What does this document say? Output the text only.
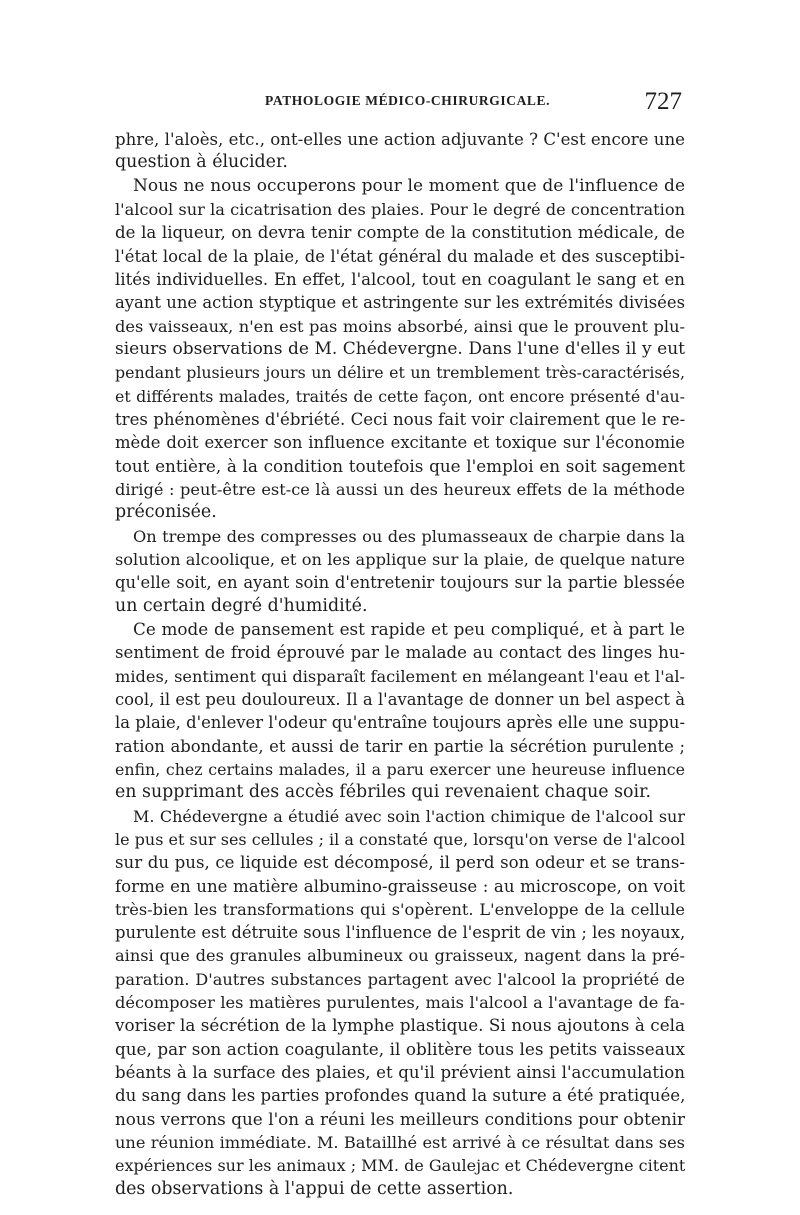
PATHOLOGIE MÉDICO-CHIRURGICALE.	727
phre, l'aloès, etc., ont-elles une action adjuvante ? C'est encore une
question à élucider.
Nous ne nous occuperons pour le moment que de l'influence de
l'alcool sur la cicatrisation des plaies. Pour le degré de concentration
de la liqueur, on devra tenir compte de la constitution médicale, de
l'état local de la plaie, de l'état général du malade et des susceptibi-
lités individuelles. En effet, l'alcool, tout en coagulant le sang et en
ayant une action styptique et astringente sur les extrémités divisées
des vaisseaux, n'en est pas moins absorbé, ainsi que le prouvent plu-
sieurs observations de M. Chédevergne. Dans l'une d'elles il y eut
pendant plusieurs jours un délire et un tremblement très-caractérisés,
et différents malades, traités de cette façon, ont encore présenté d'au-
tres phénomènes d'ébriété. Ceci nous fait voir clairement que le re-
mède doit exercer son influence excitante et toxique sur l'économie
tout entière, à la condition toutefois que l'emploi en soit sagement
dirigé : peut-être est-ce là aussi un des heureux effets de la méthode
préconisée.
On trempe des compresses ou des plumasseaux de charpie dans la
solution alcoolique, et on les applique sur la plaie, de quelque nature
qu'elle soit, en ayant soin d'entretenir toujours sur la partie blessée
un certain degré d'humidité.
Ce mode de pansement est rapide et peu compliqué, et à part le
sentiment de froid éprouvé par le malade au contact des linges hu-
mides, sentiment qui disparaît facilement en mélangeant l'eau et l'al-
cool, il est peu douloureux. Il a l'avantage de donner un bel aspect à
la plaie, d'enlever l'odeur qu'entraîne toujours après elle une suppu-
ration abondante, et aussi de tarir en partie la sécrétion purulente ;
enfin, chez certains malades, il a paru exercer une heureuse influence
en supprimant des accès fébriles qui revenaient chaque soir.
M. Chédevergne a étudié avec soin l'action chimique de l'alcool sur
le pus et sur ses cellules ; il a constaté que, lorsqu'on verse de l'alcool
sur du pus, ce liquide est décomposé, il perd son odeur et se trans-
forme en une matière albumino-graisseuse : au microscope, on voit
très-bien les transformations qui s'opèrent. L'enveloppe de la cellule
purulente est détruite sous l'influence de l'esprit de vin ; les noyaux,
ainsi que des granules albumineux ou graisseux, nagent dans la pré-
paration. D'autres substances partagent avec l'alcool la propriété de
décomposer les matières purulentes, mais l'alcool a l'avantage de fa-
voriser la sécrétion de la lymphe plastique. Si nous ajoutons à cela
que, par son action coagulante, il oblitère tous les petits vaisseaux
béants à la surface des plaies, et qu'il prévient ainsi l'accumulation
du sang dans les parties profondes quand la suture a été pratiquée,
nous verrons que l'on a réuni les meilleurs conditions pour obtenir
une réunion immédiate. M. Bataillhé est arrivé à ce résultat dans ses
expériences sur les animaux ; MM. de Gaulejac et Chédevergne citent
des observations à l'appui de cette assertion.
